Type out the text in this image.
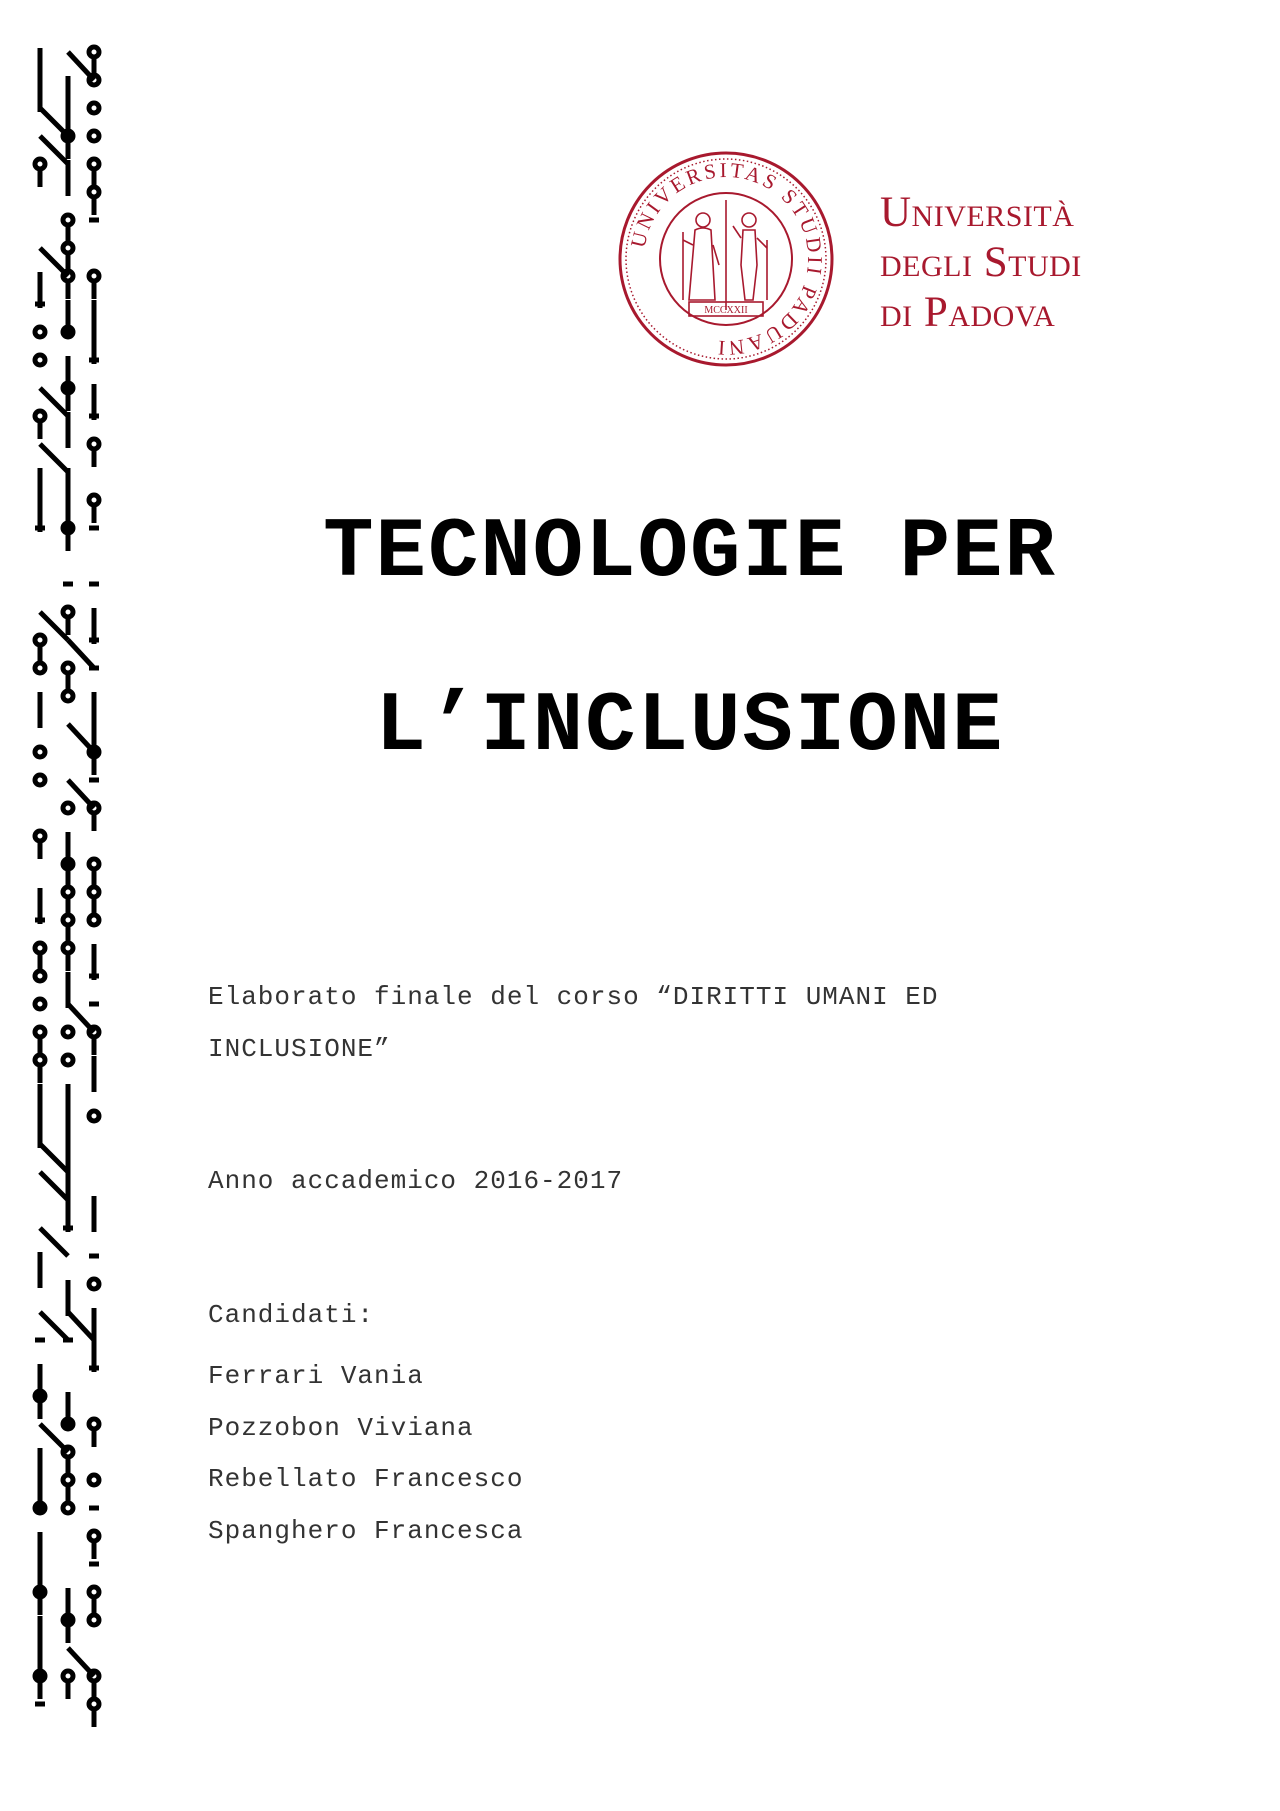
UNIVERSITAS STUDII PADUANI
MCCXXII
Università
degli Studi
di Padova
TECNOLOGIE PER
L’INCLUSIONE
Elaborato finale del corso “DIRITTI UMANI ED
INCLUSIONE”
Anno accademico 2016-2017
Candidati:
Ferrari Vania
Pozzobon Viviana
Rebellato Francesco
Spanghero Francesca
